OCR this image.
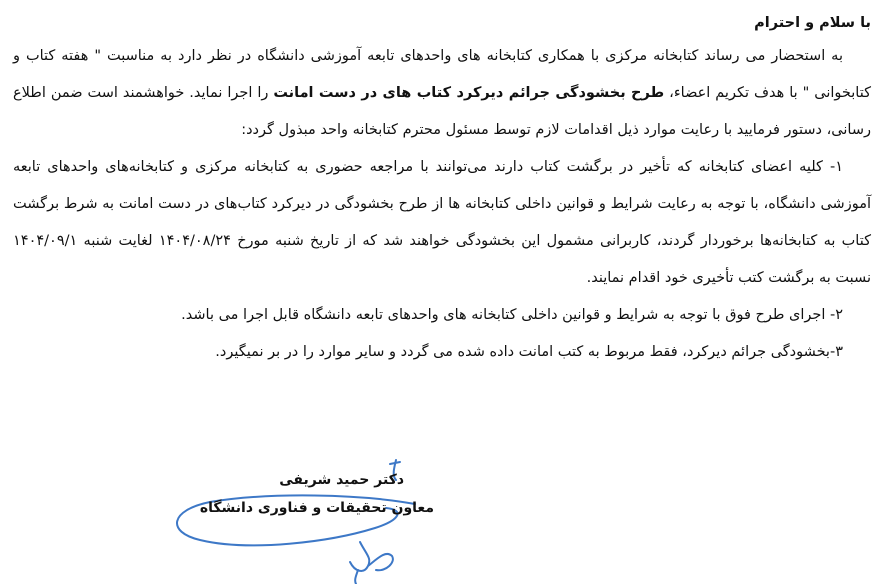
با سلام و احترام

به استحضار می رساند کتابخانه مرکزی با همکاری کتابخانه های واحدهای تابعه آموزشی دانشگاه در نظر دارد به مناسبت " هفته کتاب و کتابخوانی " با هدف تکریم اعضاء، طرح بخشودگی جرائم دیرکرد کتاب های در دست امانت را اجرا نماید. خواهشمند است ضمن اطلاع رسانی، دستور فرمایید با رعایت موارد ذیل اقدامات لازم توسط مسئول محترم کتابخانه واحد مبذول گردد:

۱- کلیه اعضای کتابخانه که تأخیر در برگشت کتاب دارند می‌توانند با مراجعه حضوری به کتابخانه مرکزی و کتابخانه‌های واحدهای تابعه آموزشی دانشگاه، با توجه به رعایت شرایط و قوانین داخلی کتابخانه ها از طرح بخشودگی در دیرکرد کتاب‌های در دست امانت به شرط برگشت کتاب به کتابخانه‌ها برخوردار گردند، کاربرانی مشمول این بخشودگی خواهند شد که از تاریخ شنبه مورخ ۱۴۰۴/۰۸/۲۴ لغایت شنبه ۱۴۰۴/۰۹/۱ نسبت به برگشت کتب تأخیری خود اقدام نمایند.

۲- اجرای طرح فوق با توجه به شرایط و قوانین داخلی کتابخانه های واحدهای تابعه دانشگاه قابل اجرا می باشد.

۳-بخشودگی جرائم دیرکرد، فقط مربوط به کتب امانت داده شده می گردد و سایر موارد را در بر نمیگیرد.

دکتر حمید شریفی
معاون تحقیقات و فناوری دانشگاه
